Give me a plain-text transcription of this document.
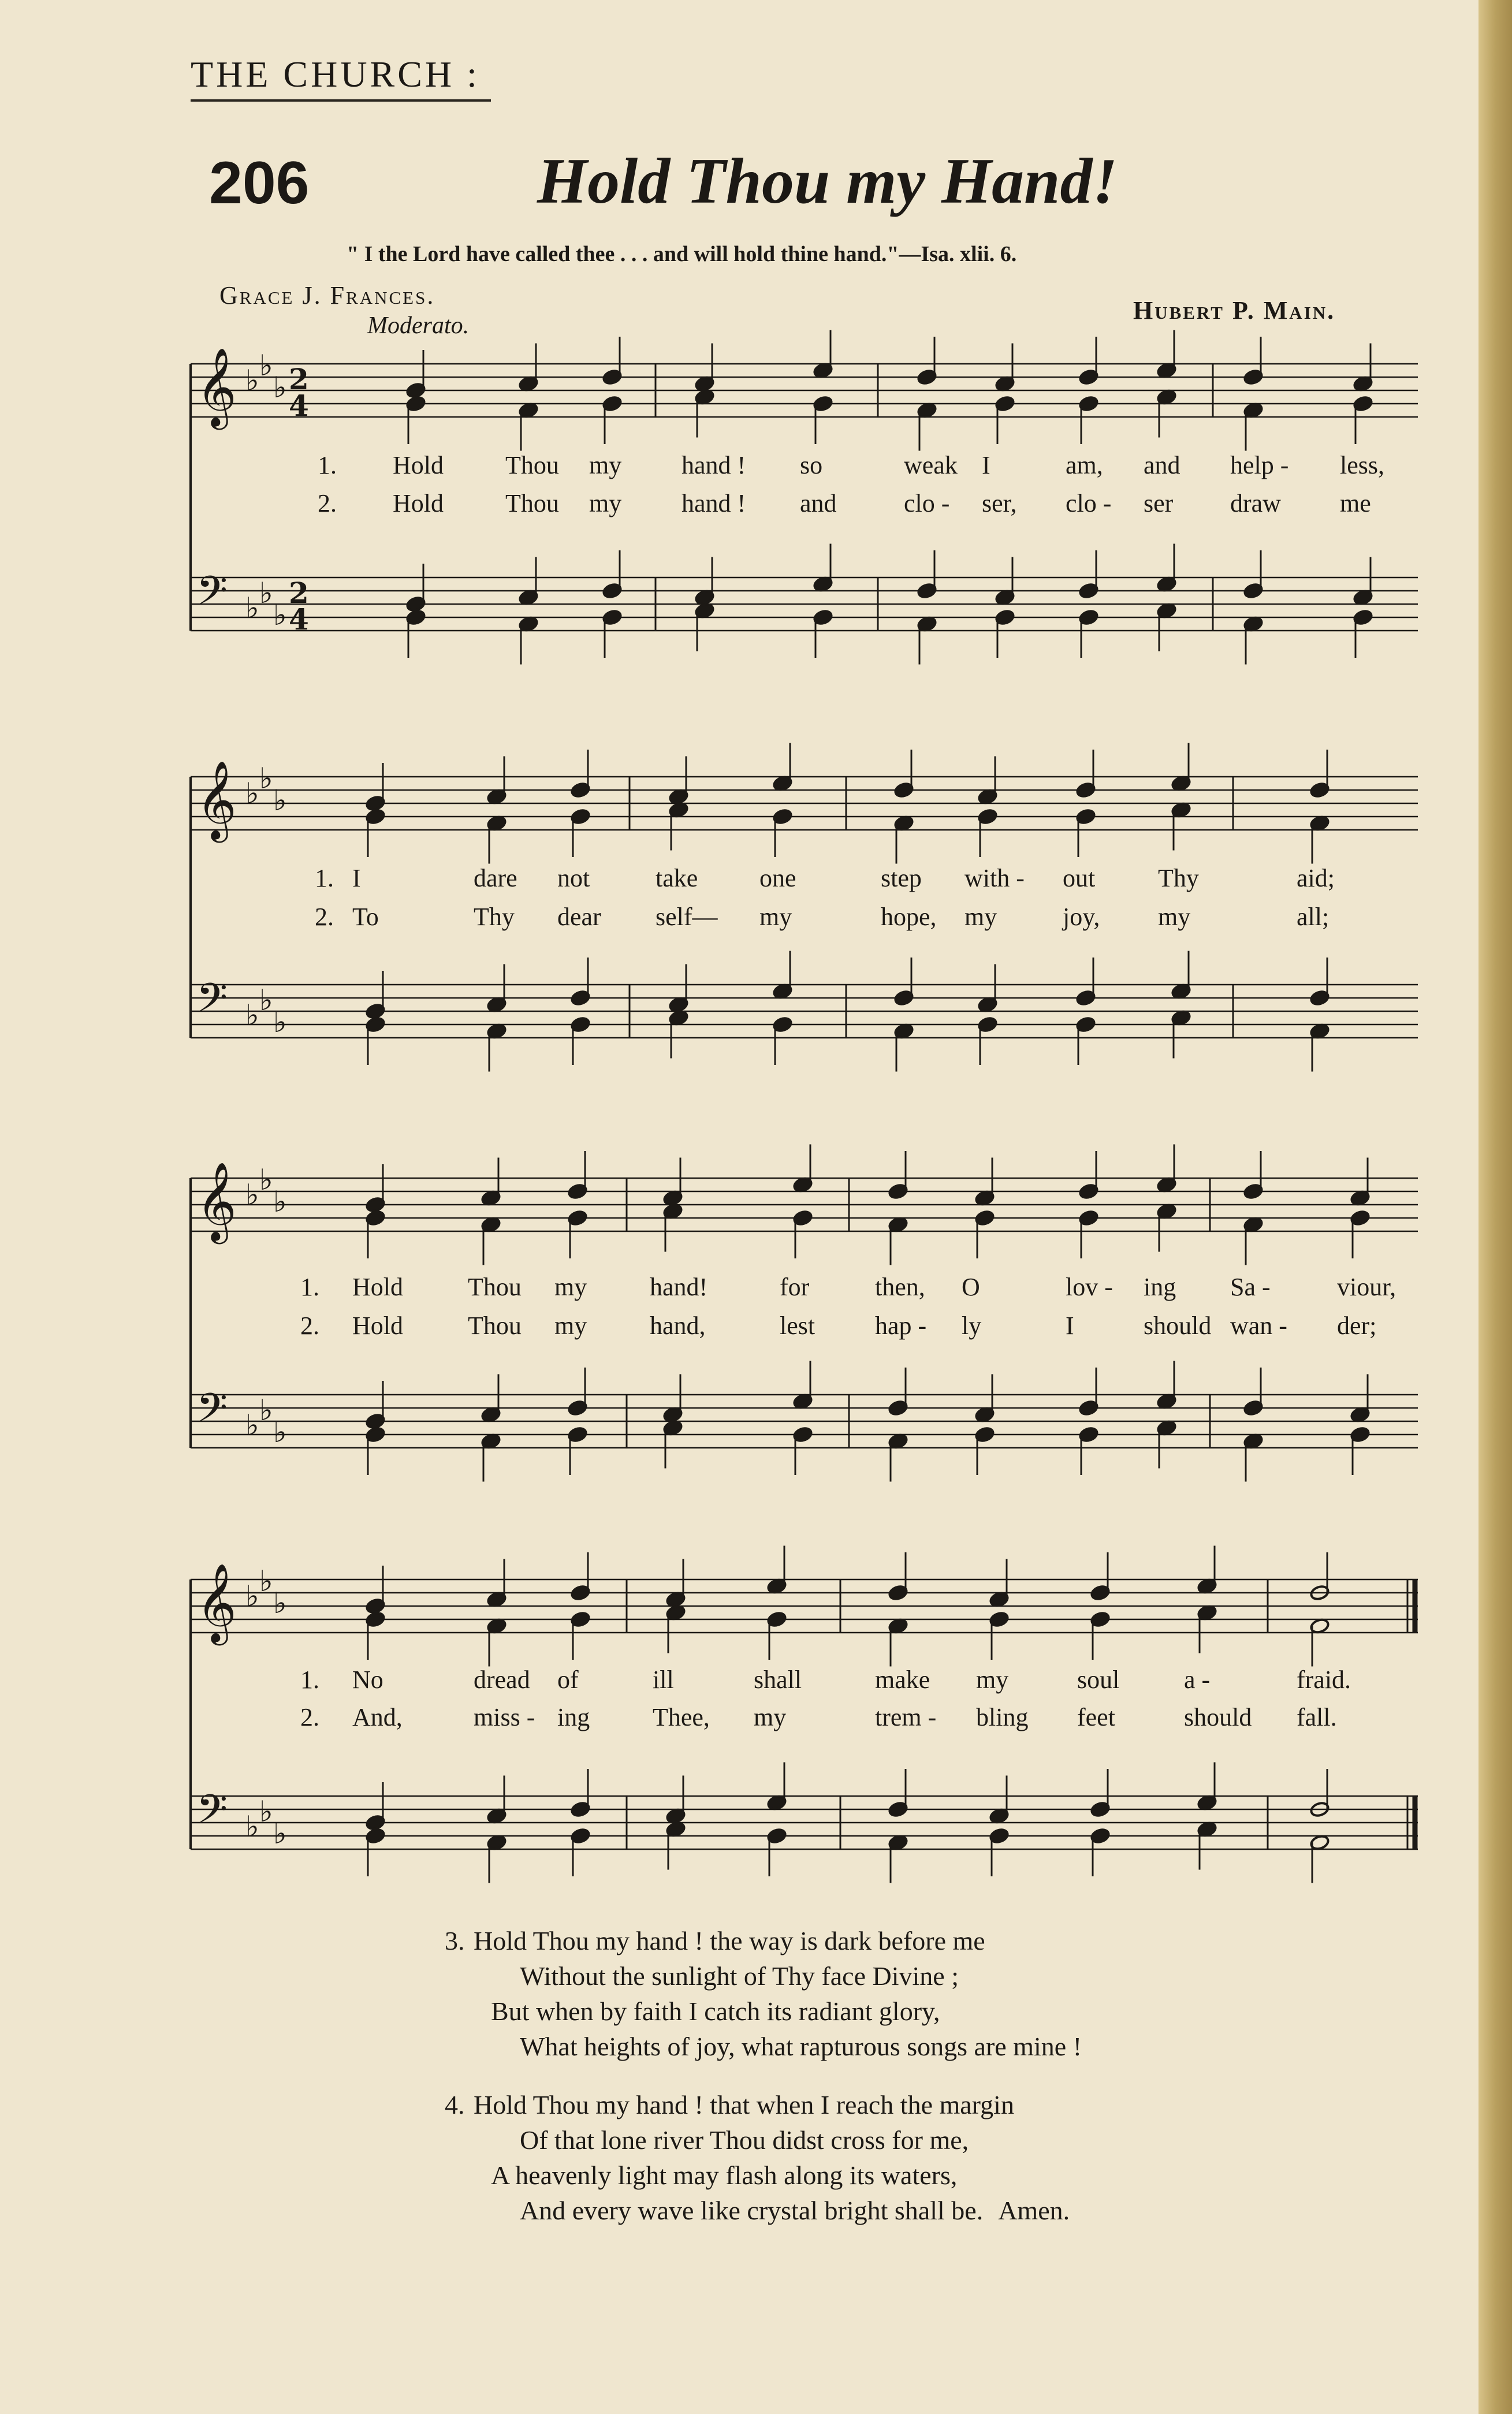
THE CHURCH :
206	Hold Thou my Hand!
" I the Lord have called thee . . . and will hold thine hand."—Isa. xlii. 6.
Grace J. Frances.
Moderato.
Hubert P. Main.
𝄞 ♭ ♭
♭ 2
4
𝄢 ♭ ♭
♭
2
4
𝄞 ♭ ♭
♭
𝄢 ♭ ♭
♭
𝄞 ♭ ♭
♭
𝄢 ♭ ♭
♭
𝄞 ♭ ♭
♭
𝄢 ♭ ♭
♭
1. Hold Thou my hand ! so	weak I	am, and help - less,
2. Hold Thou my hand ! and	clo - ser, clo - ser draw me
1. I	dare not	take one	step with - out Thy	aid;
2. To	Thy dear self— my	hope, my	joy, my	all;
1. Hold	Thou my hand!	for	then, O	lov - ing Sa -	viour,
2. Hold	Thou my hand,	lest hap - ly	I	should wan - der;
1. No	dread of	ill	shall	make my	soul	a -	fraid.
2. And,	miss - ing Thee, my	trem - bling feet	should fall.
3. Hold Thou my hand ! the way is dark before me
Without the sunlight of Thy face Divine ;
But when by faith I catch its radiant glory,
What heights of joy, what rapturous songs are mine !
4. Hold Thou my hand ! that when I reach the margin
Of that lone river Thou didst cross for me,
A heavenly light may flash along its waters,
And every wave like crystal bright shall be. Amen.
